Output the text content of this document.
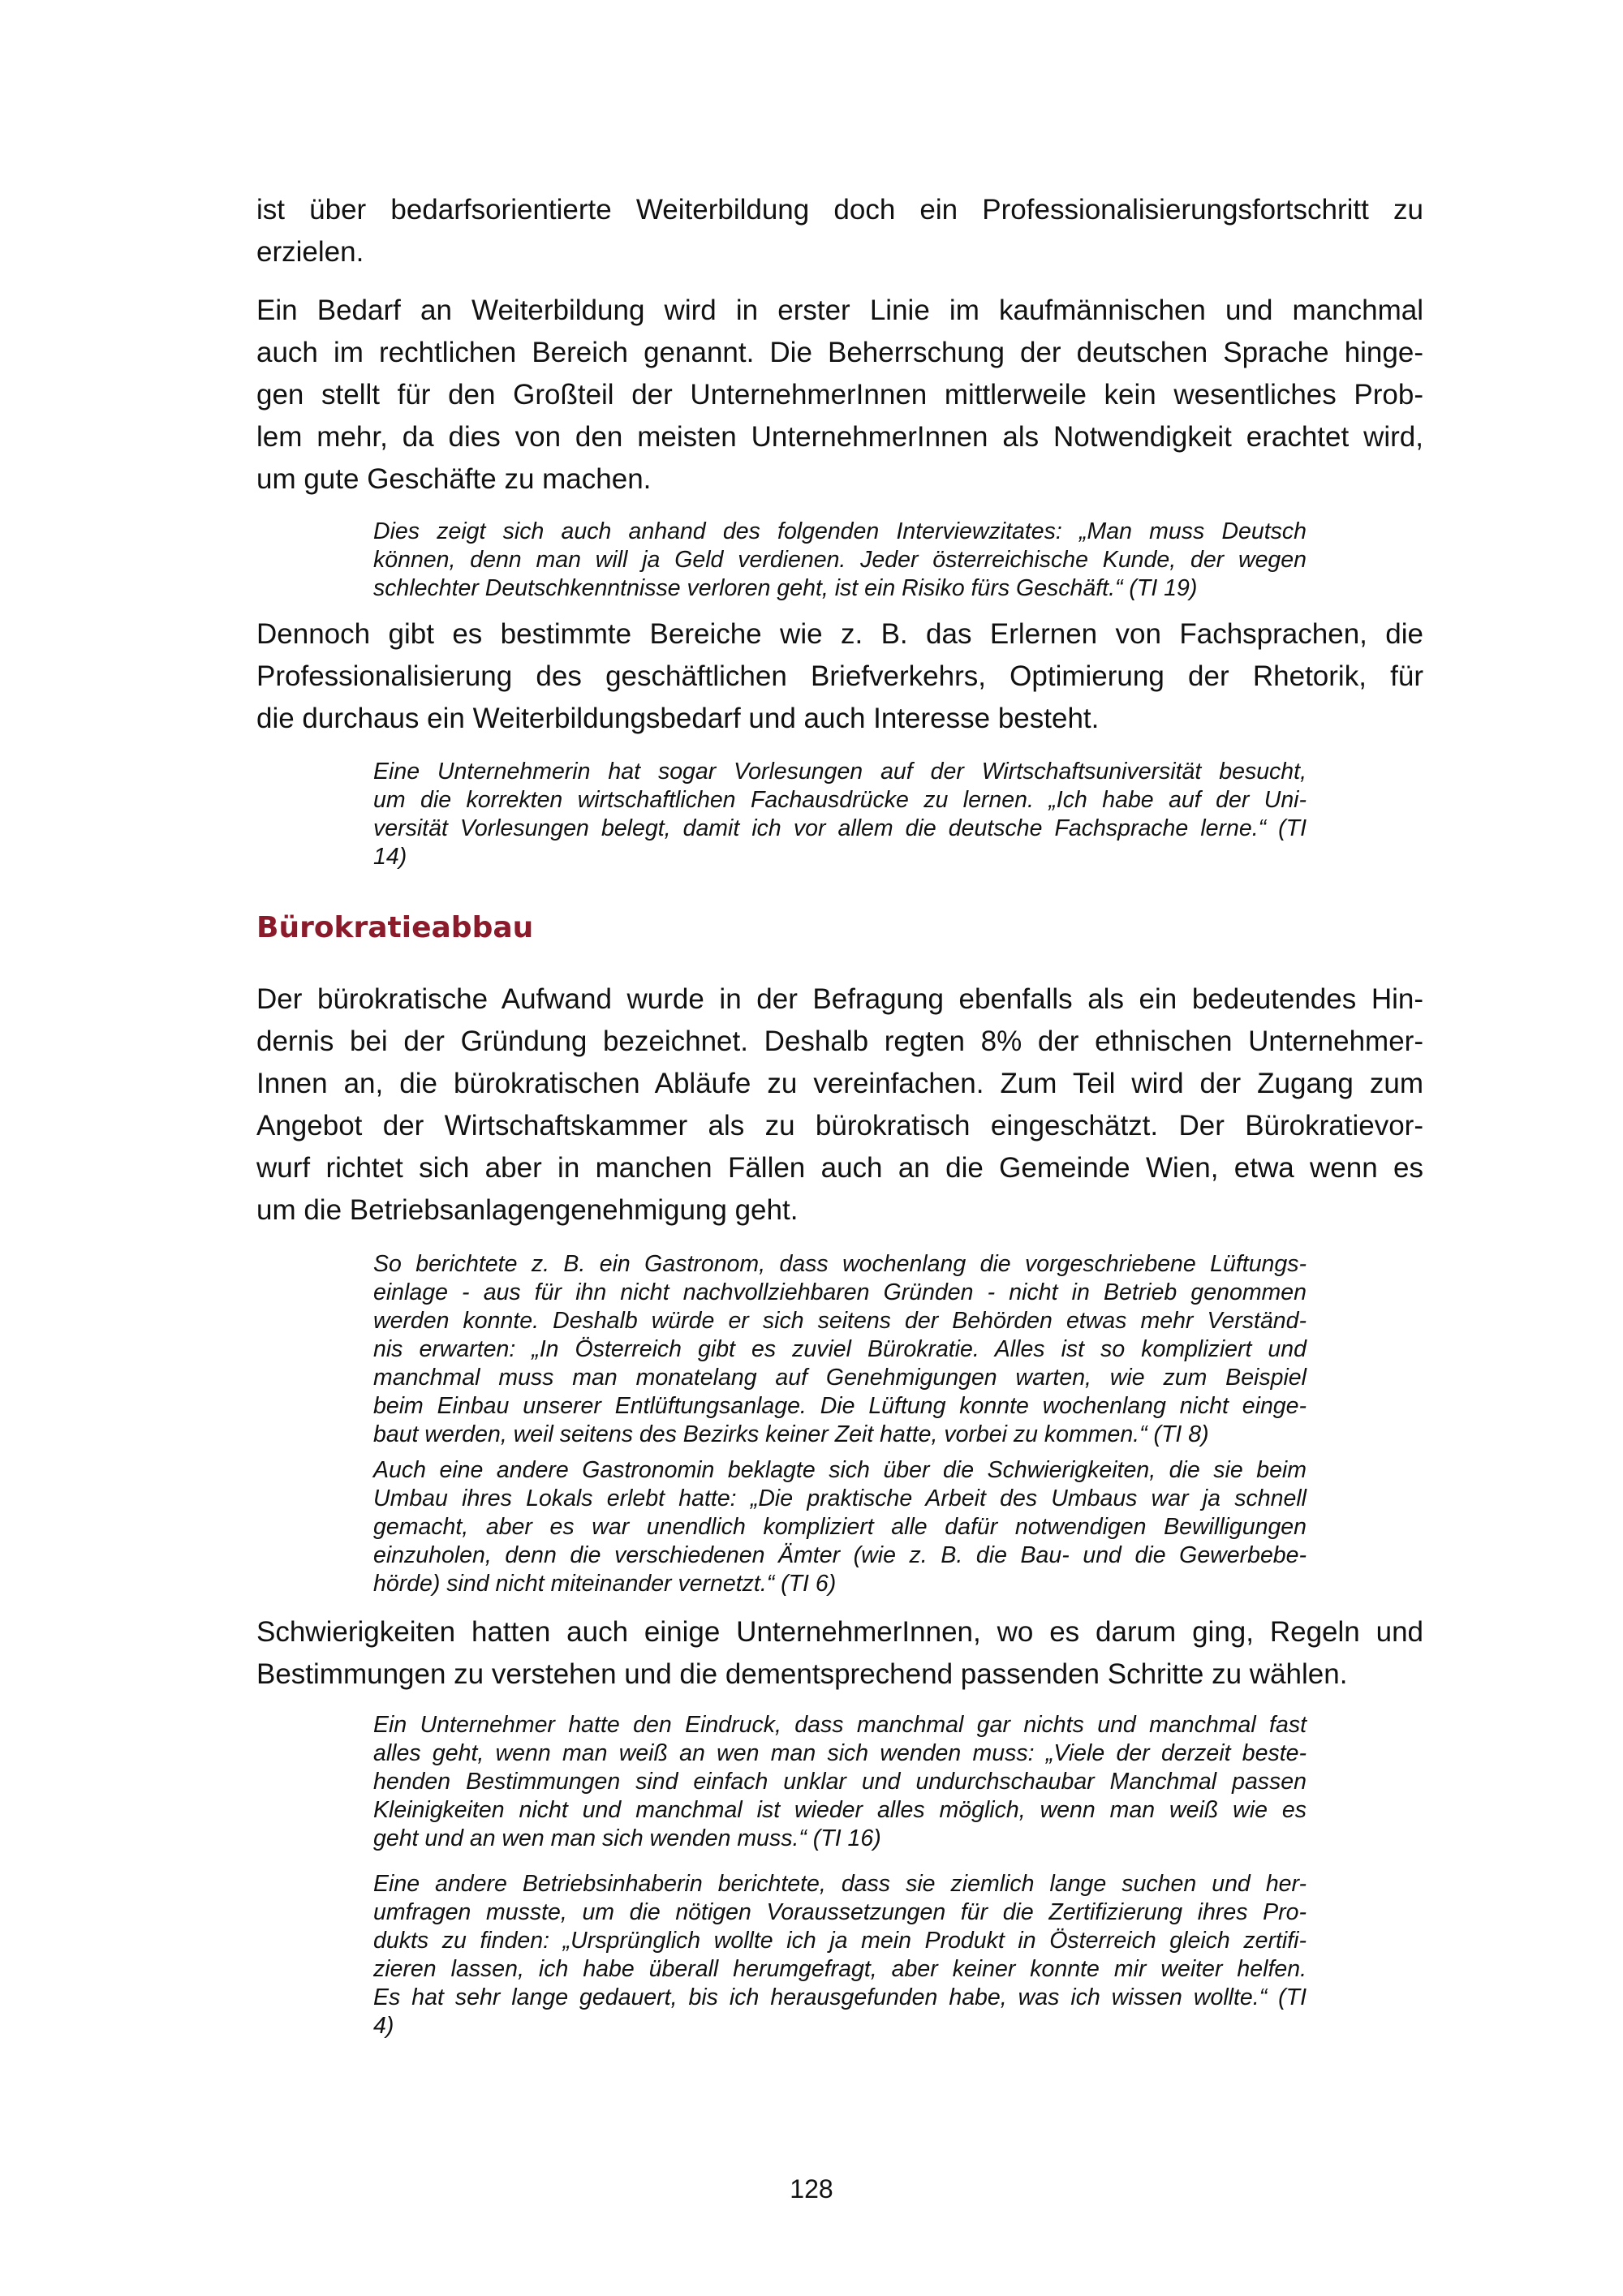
ist über bedarfsorientierte Weiterbildung doch ein Professionalisierungsfortschritt zu
erzielen.
Ein Bedarf an Weiterbildung wird in erster Linie im kaufmännischen und manchmal
auch im rechtlichen Bereich genannt. Die Beherrschung der deutschen Sprache hinge-
gen stellt für den Großteil der UnternehmerInnen mittlerweile kein wesentliches Prob-
lem mehr, da dies von den meisten UnternehmerInnen als Notwendigkeit erachtet wird,
um gute Geschäfte zu machen.
Dies zeigt sich auch anhand des folgenden Interviewzitates: „Man muss Deutsch
können, denn man will ja Geld verdienen. Jeder österreichische Kunde, der wegen
schlechter Deutschkenntnisse verloren geht, ist ein Risiko fürs Geschäft.“ (TI 19)
Dennoch gibt es bestimmte Bereiche wie z. B. das Erlernen von Fachsprachen, die
Professionalisierung des geschäftlichen Briefverkehrs, Optimierung der Rhetorik, für
die durchaus ein Weiterbildungsbedarf und auch Interesse besteht.
Eine Unternehmerin hat sogar Vorlesungen auf der Wirtschaftsuniversität besucht,
um die korrekten wirtschaftlichen Fachausdrücke zu lernen. „Ich habe auf der Uni-
versität Vorlesungen belegt, damit ich vor allem die deutsche Fachsprache lerne.“ (TI
14)
Bürokratieabbau
Der bürokratische Aufwand wurde in der Befragung ebenfalls als ein bedeutendes Hin-
dernis bei der Gründung bezeichnet. Deshalb regten 8% der ethnischen Unternehmer-
Innen an, die bürokratischen Abläufe zu vereinfachen. Zum Teil wird der Zugang zum
Angebot der Wirtschaftskammer als zu bürokratisch eingeschätzt. Der Bürokratievor-
wurf richtet sich aber in manchen Fällen auch an die Gemeinde Wien, etwa wenn es
um die Betriebsanlagengenehmigung geht.
So berichtete z. B. ein Gastronom, dass wochenlang die vorgeschriebene Lüftungs-
einlage - aus für ihn nicht nachvollziehbaren Gründen - nicht in Betrieb genommen
werden konnte. Deshalb würde er sich seitens der Behörden etwas mehr Verständ-
nis erwarten: „In Österreich gibt es zuviel Bürokratie. Alles ist so kompliziert und
manchmal muss man monatelang auf Genehmigungen warten, wie zum Beispiel
beim Einbau unserer Entlüftungsanlage. Die Lüftung konnte wochenlang nicht einge-
baut werden, weil seitens des Bezirks keiner Zeit hatte, vorbei zu kommen.“ (TI 8)
Auch eine andere Gastronomin beklagte sich über die Schwierigkeiten, die sie beim
Umbau ihres Lokals erlebt hatte: „Die praktische Arbeit des Umbaus war ja schnell
gemacht, aber es war unendlich kompliziert alle dafür notwendigen Bewilligungen
einzuholen, denn die verschiedenen Ämter (wie z. B. die Bau- und die Gewerbebe-
hörde) sind nicht miteinander vernetzt.“ (TI 6)
Schwierigkeiten hatten auch einige UnternehmerInnen, wo es darum ging, Regeln und
Bestimmungen zu verstehen und die dementsprechend passenden Schritte zu wählen.
Ein Unternehmer hatte den Eindruck, dass manchmal gar nichts und manchmal fast
alles geht, wenn man weiß an wen man sich wenden muss: „Viele der derzeit beste-
henden Bestimmungen sind einfach unklar und undurchschaubar Manchmal passen
Kleinigkeiten nicht und manchmal ist wieder alles möglich, wenn man weiß wie es
geht und an wen man sich wenden muss.“ (TI 16)
Eine andere Betriebsinhaberin berichtete, dass sie ziemlich lange suchen und her-
umfragen musste, um die nötigen Voraussetzungen für die Zertifizierung ihres Pro-
dukts zu finden: „Ursprünglich wollte ich ja mein Produkt in Österreich gleich zertifi-
zieren lassen, ich habe überall herumgefragt, aber keiner konnte mir weiter helfen.
Es hat sehr lange gedauert, bis ich herausgefunden habe, was ich wissen wollte.“ (TI
4)
128
